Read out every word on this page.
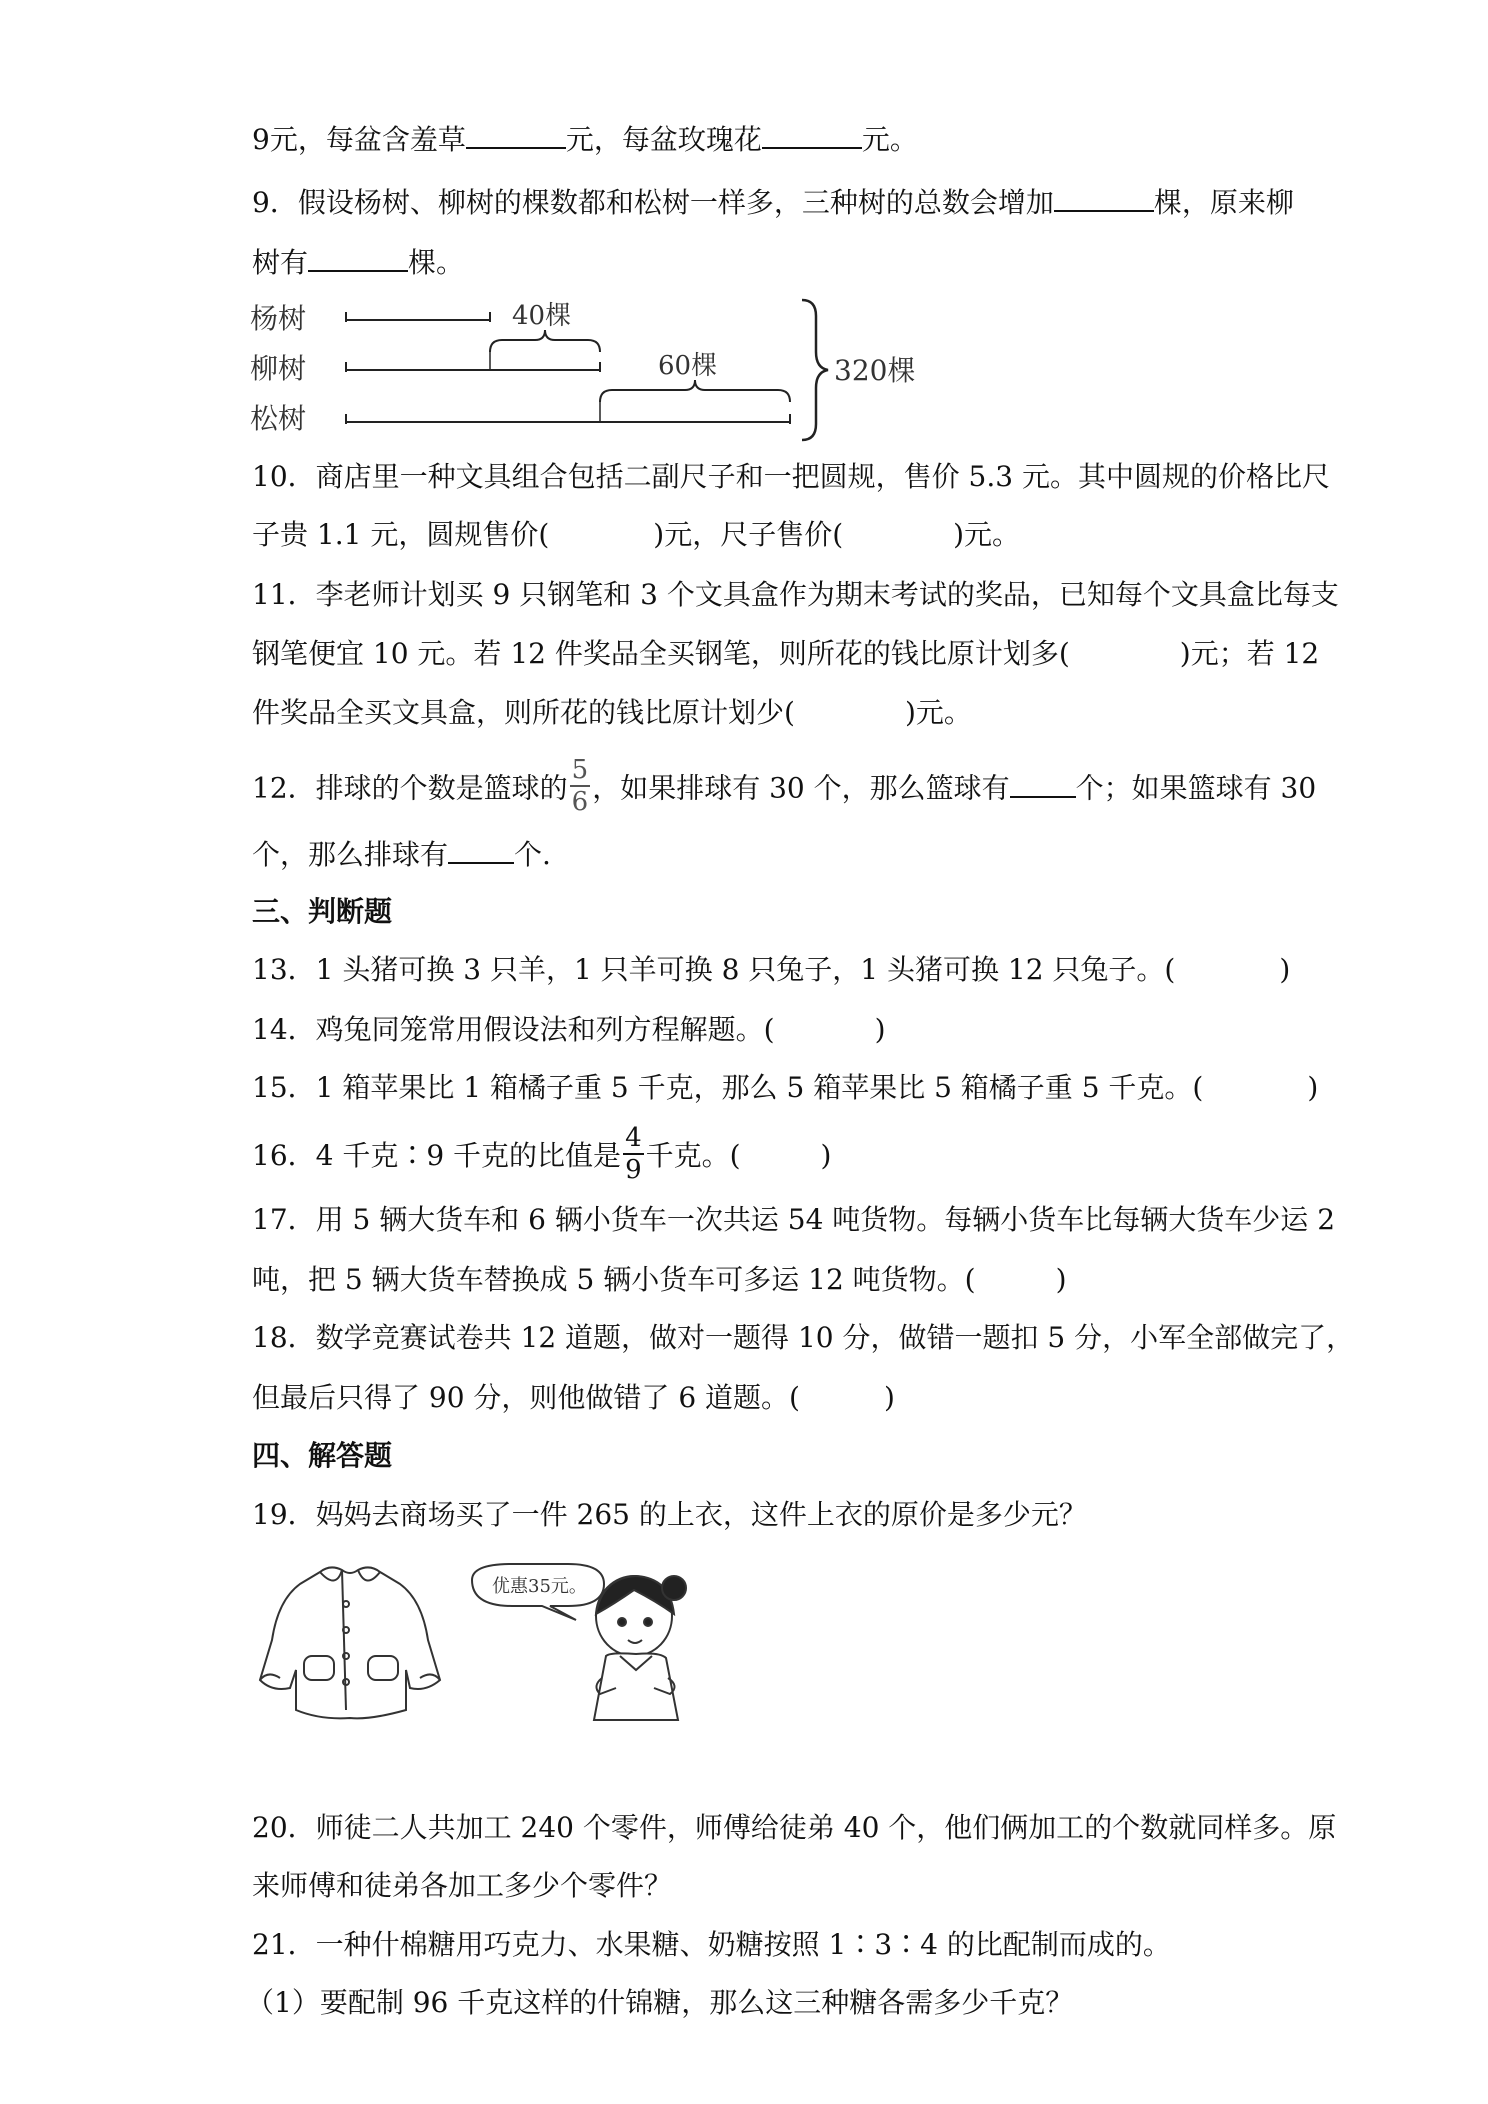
9元，每盆含羞草	元，每盆玫瑰花	元。
9．假设杨树、柳树的棵数都和松树一样多，三种树的总数会增加	棵，原来柳
树有	棵。
杨树
柳树
松树
40棵
60棵	320棵
10．商店里一种文具组合包括二副尺子和一把圆规，售价 5.3 元。其中圆规的价格比尺
子贵 1.1 元，圆规售价(	)元，尺子售价(	)元。
11．李老师计划买 9 只钢笔和 3 个文具盒作为期末考试的奖品，已知每个文具盒比每支
钢笔便宜 10 元。若 12 件奖品全买钢笔，则所花的钱比原计划多(	)元；若 12
件奖品全买文具盒，则所花的钱比原计划少(	)元。
12．排球的个数是篮球的 $\frac{5}{6}$ ，如果排球有 30 个，那么篮球有 个；如果篮球有 30
个，那么排球有 个.
三、判断题
13．1 头猪可换 3 只羊，1 只羊可换 8 只兔子，1 头猪可换 12 只兔子。(	)
14．鸡兔同笼常用假设法和列方程解题。(	)
15．1 箱苹果比 1 箱橘子重 5 千克，那么 5 箱苹果比 5 箱橘子重 5 千克。(	)
16．4 千克∶9 千克的比值是 $\frac{4}{9}$ 千克。(	)
17．用 5 辆大货车和 6 辆小货车一次共运 54 吨货物。每辆小货车比每辆大货车少运 2
吨，把 5 辆大货车替换成 5 辆小货车可多运 12 吨货物。(	)
18．数学竞赛试卷共 12 道题，做对一题得 10 分，做错一题扣 5 分，小军全部做完了，
但最后只得了 90 分，则他做错了 6 道题。(	)
四、解答题
19．妈妈去商场买了一件 265 的上衣，这件上衣的原价是多少元？
优惠35元。
20．师徒二人共加工 240 个零件，师傅给徒弟 40 个，他们俩加工的个数就同样多。原
来师傅和徒弟各加工多少个零件？
21．一种什棉糖用巧克力、水果糖、奶糖按照 1∶3∶4 的比配制而成的。
（1）要配制 96 千克这样的什锦糖，那么这三种糖各需多少千克？
